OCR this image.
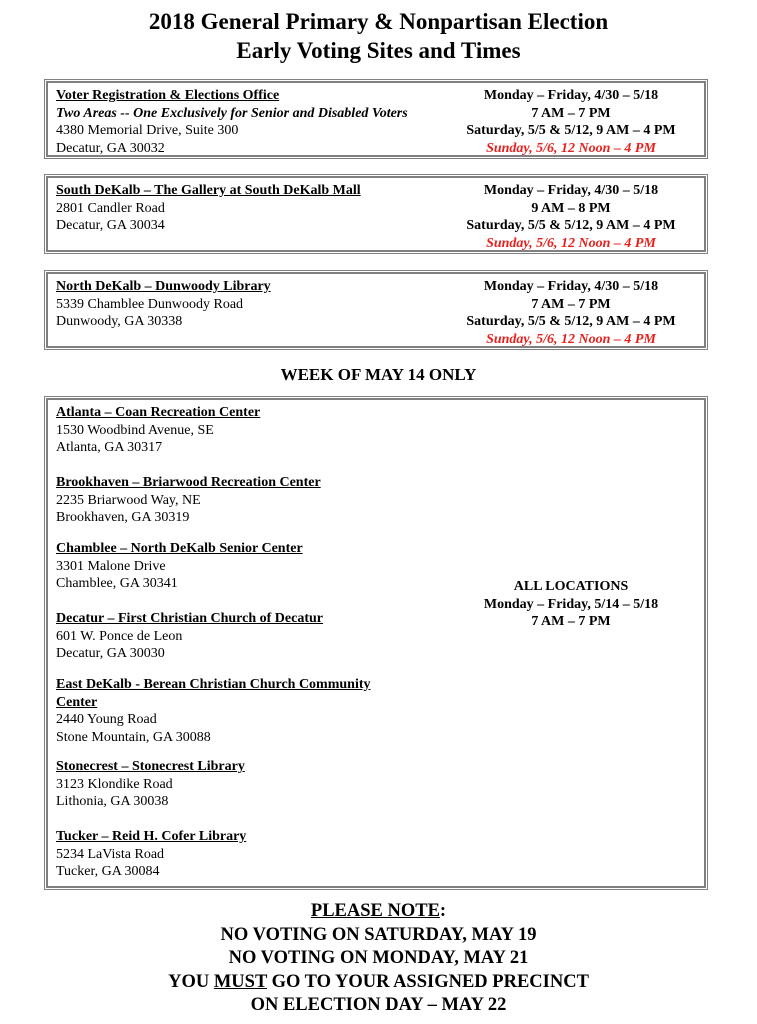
2018 General Primary & Nonpartisan Election
Early Voting Sites and Times
Voter Registration & Elections Office
Two Areas -- One Exclusively for Senior and Disabled Voters
4380 Memorial Drive, Suite 300
Decatur, GA 30032
Monday – Friday, 4/30 – 5/18
7 AM – 7 PM
Saturday, 5/5 & 5/12, 9 AM – 4 PM
Sunday, 5/6, 12 Noon – 4 PM
South DeKalb – The Gallery at South DeKalb Mall
2801 Candler Road
Decatur, GA 30034
Monday – Friday, 4/30 – 5/18
9 AM – 8 PM
Saturday, 5/5 & 5/12, 9 AM – 4 PM
Sunday, 5/6, 12 Noon – 4 PM
North DeKalb – Dunwoody Library
5339 Chamblee Dunwoody Road
Dunwoody, GA 30338
Monday – Friday, 4/30 – 5/18
7 AM – 7 PM
Saturday, 5/5 & 5/12, 9 AM – 4 PM
Sunday, 5/6, 12 Noon – 4 PM
WEEK OF MAY 14 ONLY
Atlanta – Coan Recreation Center
1530 Woodbind Avenue, SE
Atlanta, GA 30317
Brookhaven – Briarwood Recreation Center
2235 Briarwood Way, NE
Brookhaven, GA 30319
Chamblee – North DeKalb Senior Center
3301 Malone Drive
Chamblee, GA 30341
Decatur – First Christian Church of Decatur
601 W. Ponce de Leon
Decatur, GA 30030
East DeKalb - Berean Christian Church Community
Center
2440 Young Road
Stone Mountain, GA 30088
Stonecrest – Stonecrest Library
3123 Klondike Road
Lithonia, GA 30038
Tucker – Reid H. Cofer Library
5234 LaVista Road
Tucker, GA 30084
ALL LOCATIONS
Monday – Friday, 5/14 – 5/18
7 AM – 7 PM
PLEASE NOTE:
NO VOTING ON SATURDAY, MAY 19
NO VOTING ON MONDAY, MAY 21
YOU MUST GO TO YOUR ASSIGNED PRECINCT
ON ELECTION DAY – MAY 22
